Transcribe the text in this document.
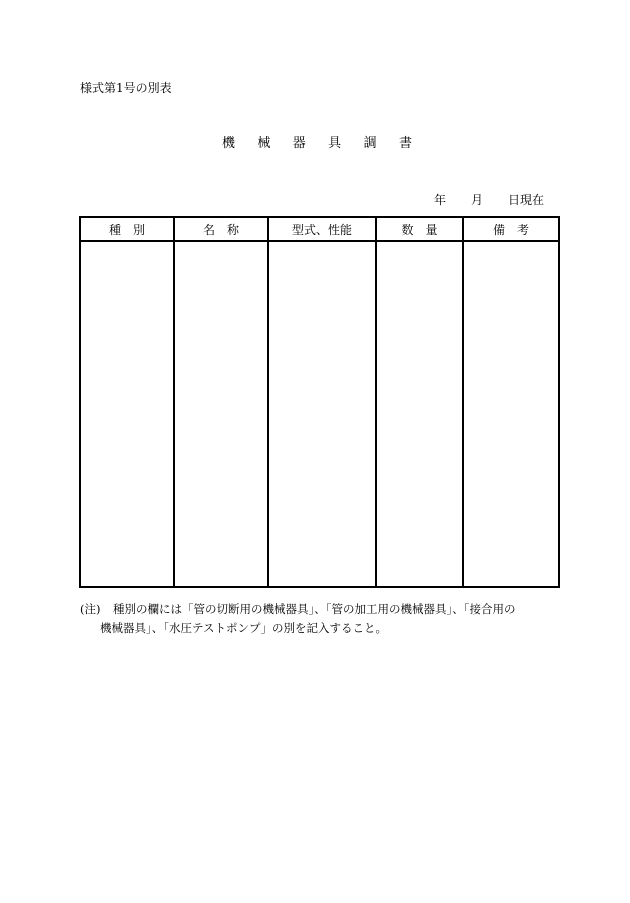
様式第1号の別表
機 械 器 具 調 書
年 月 日現在
種　別	名　称	型式、性能	数　量	備　考

(注) 種別の欄には「管の切断用の機械器具」、「管の加工用の機械器具」、「接合用の
機械器具」、「水圧テストポンプ」の別を記入すること。
